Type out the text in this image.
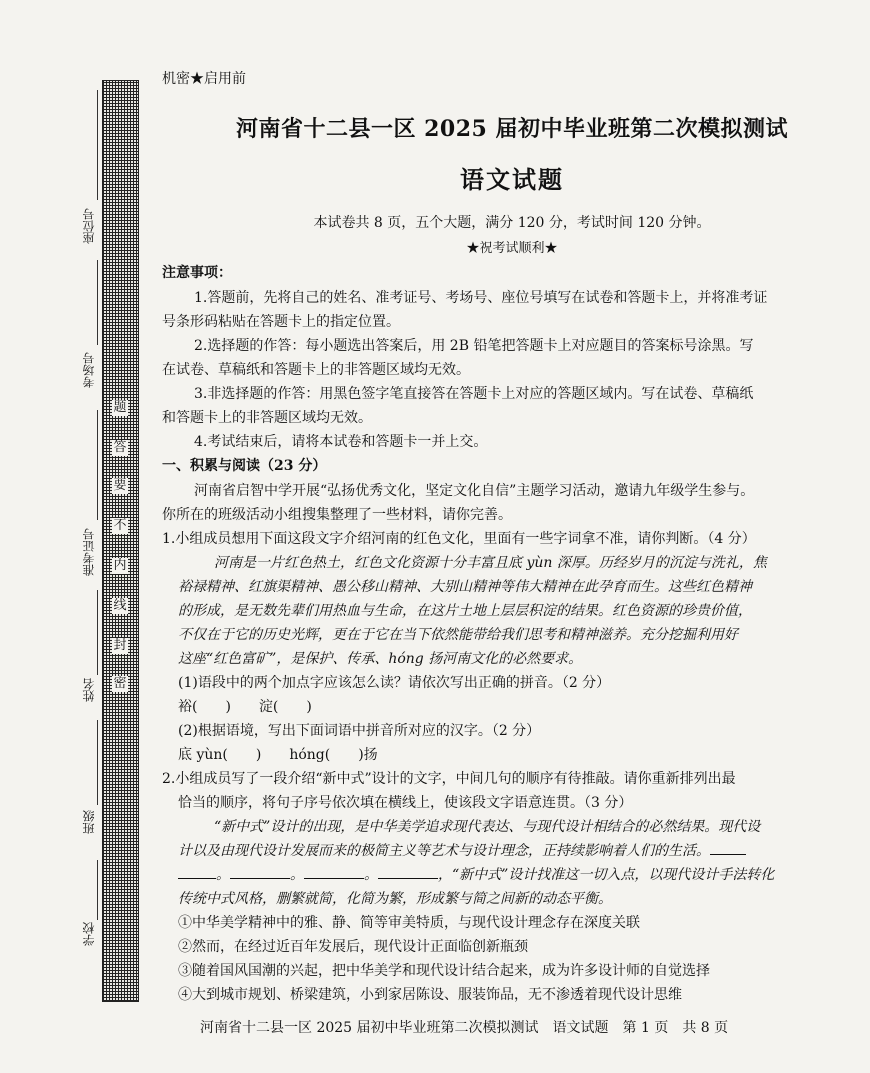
题
答
要
不
内
线
封
密
座位号
考场号
准考证号
姓名
班级
学校
机密★启用前
河南省十二县一区 2025 届初中毕业班第二次模拟测试
语文试题
本试卷共 8 页，五个大题，满分 120 分，考试时间 120 分钟。
★祝考试顺利★
注意事项：
1.答题前，先将自己的姓名、准考证号、考场号、座位号填写在试卷和答题卡上，并将准考证
号条形码粘贴在答题卡上的指定位置。
2.选择题的作答：每小题选出答案后，用 2B 铅笔把答题卡上对应题目的答案标号涂黑。写
在试卷、草稿纸和答题卡上的非答题区域均无效。
3.非选择题的作答：用黑色签字笔直接答在答题卡上对应的答题区域内。写在试卷、草稿纸
和答题卡上的非答题区域均无效。
4.考试结束后，请将本试卷和答题卡一并上交。
一、积累与阅读（23 分）
河南省启智中学开展“弘扬优秀文化，坚定文化自信”主题学习活动，邀请九年级学生参与。
你所在的班级活动小组搜集整理了一些材料，请你完善。
1.小组成员想用下面这段文字介绍河南的红色文化，里面有一些字词拿不准，请你判断。（4 分）
河南是一片红色热土，红色文化资源十分丰富且底 yùn 深厚。历经岁月的沉淀与洗礼，焦
裕禄精神、红旗渠精神、愚公移山精神、大别山精神等伟大精神在此孕育而生。这些红色精神
的形成，是无数先辈们用热血与生命，在这片土地上层层积淀的结果。红色资源的珍贵价值，
不仅在于它的历史光辉，更在于它在当下依然能带给我们思考和精神滋养。充分挖掘利用好
这座“红色富矿”，是保护、传承、hóng 扬河南文化的必然要求。
(1)语段中的两个加点字应该怎么读？请依次写出正确的拼音。（2 分）
裕(　　)　　淀(　　)
(2)根据语境，写出下面词语中拼音所对应的汉字。（2 分）
底 yùn(　　)　　hóng(　　)扬
2.小组成员写了一段介绍“新中式”设计的文字，中间几句的顺序有待推敲。请你重新排列出最
恰当的顺序，将句子序号依次填在横线上，使该段文字语意连贯。（3 分）
“新中式”设计的出现，是中华美学追求现代表达、与现代设计相结合的必然结果。现代设
计以及由现代设计发展而来的极简主义等艺术与设计理念，正持续影响着人们的生活。
。	。	。	，“新中式”设计找准这一切入点，以现代设计手法转化
传统中式风格，删繁就简，化简为繁，形成繁与简之间新的动态平衡。
①中华美学精神中的雅、静、简等审美特质，与现代设计理念存在深度关联
②然而，在经过近百年发展后，现代设计正面临创新瓶颈
③随着国风国潮的兴起，把中华美学和现代设计结合起来，成为许多设计师的自觉选择
④大到城市规划、桥梁建筑，小到家居陈设、服装饰品，无不渗透着现代设计思维
河南省十二县一区 2025 届初中毕业班第二次模拟测试　语文试题　第 1 页　共 8 页
